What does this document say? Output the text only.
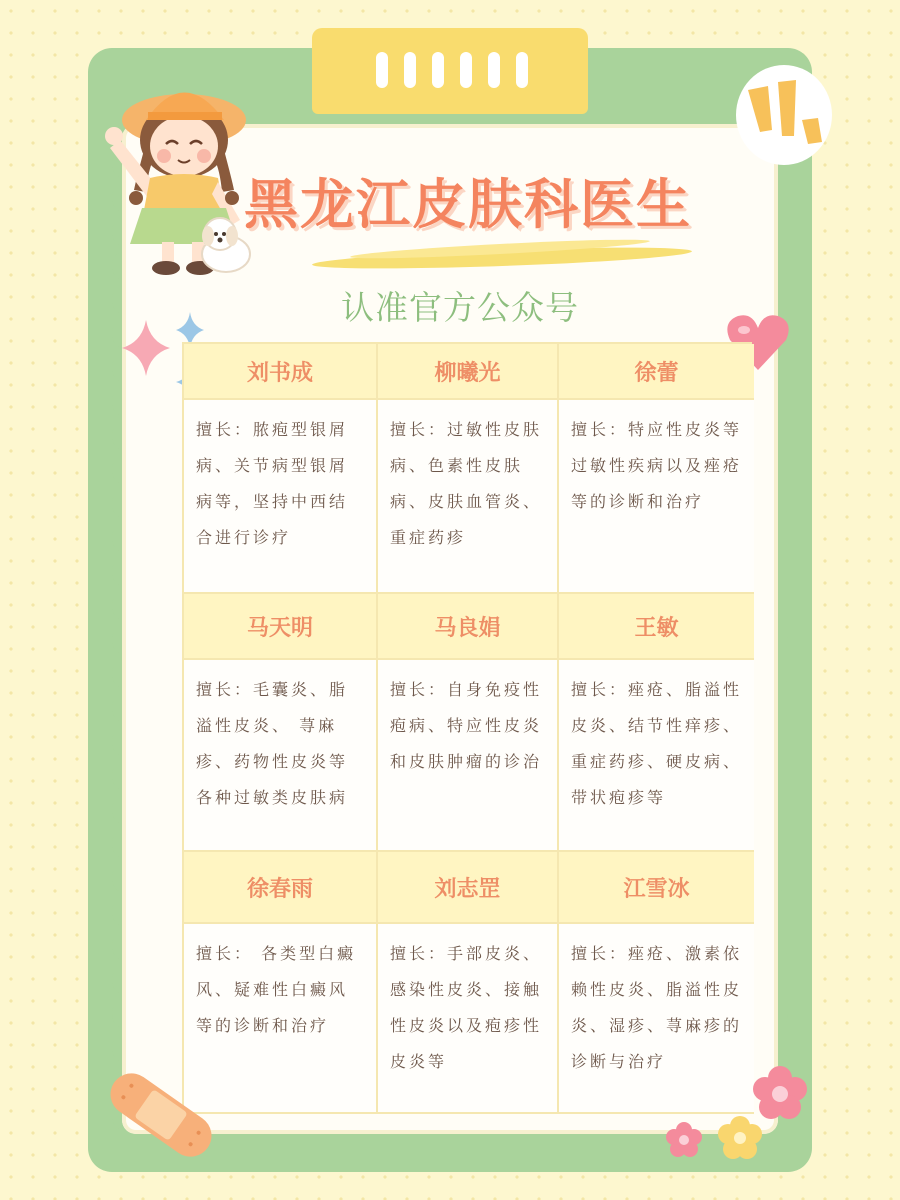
黑龙江皮肤科医生
认准官方公众号
刘书成	柳曦光	徐蕾
擅长：脓疱型银屑病、关节病型银屑病等，坚持中西结合进行诊疗
擅长：过敏性皮肤病、色素性皮肤病、皮肤血管炎、重症药疹
擅长：特应性皮炎等过敏性疾病以及痤疮等的诊断和治疗
马天明	马良娟	王敏
擅长：毛囊炎、脂溢性皮炎、 荨麻疹、药物性皮炎等各种过敏类皮肤病
擅长：自身免疫性疱病、特应性皮炎和皮肤肿瘤的诊治
擅长：痤疮、脂溢性皮炎、结节性痒疹、重症药疹、硬皮病、带状疱疹等
徐春雨	刘志罡	江雪冰
擅长： 各类型白癜风、疑难性白癜风等的诊断和治疗
擅长：手部皮炎、感染性皮炎、接触性皮炎以及疱疹性皮炎等
擅长：痤疮、激素依赖性皮炎、脂溢性皮炎、湿疹、荨麻疹的诊断与治疗
